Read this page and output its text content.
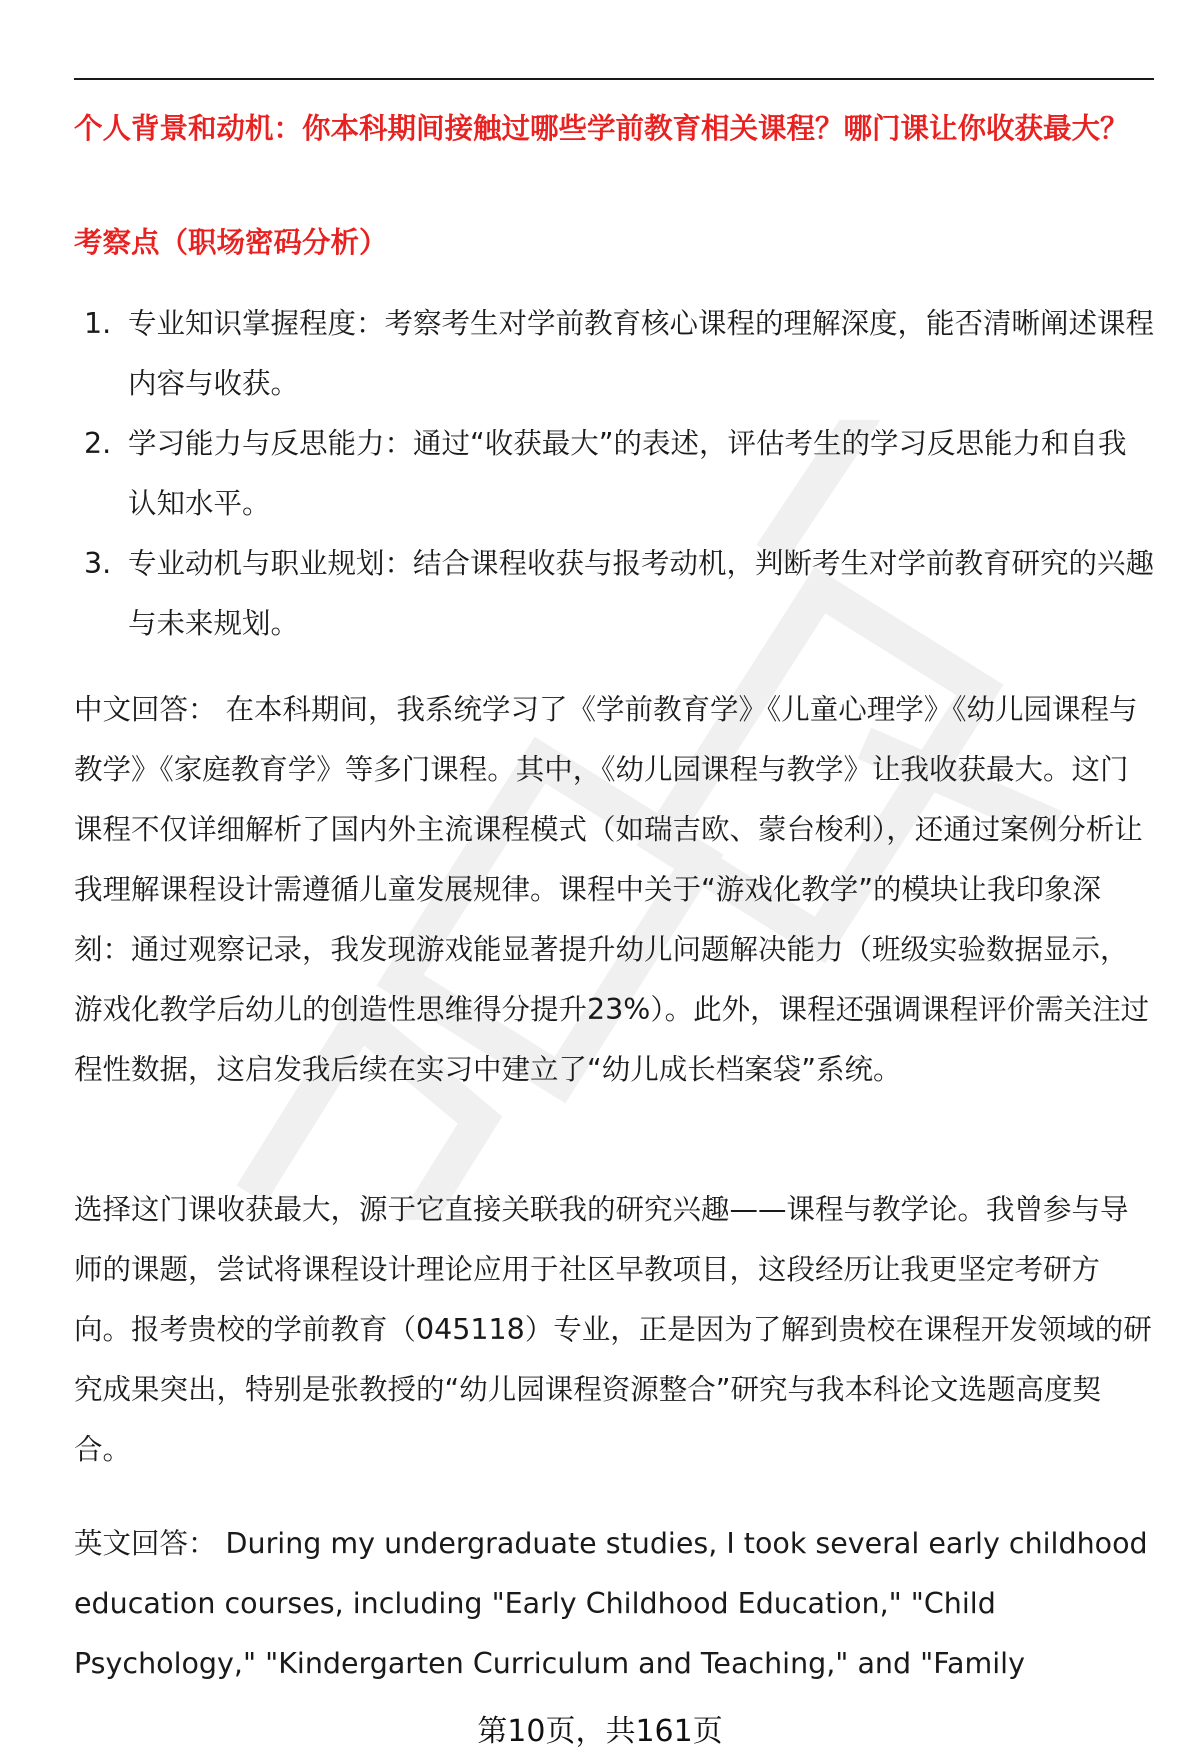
个人背景和动机：你本科期间接触过哪些学前教育相关课程？哪门课让你收获最大？
考察点（职场密码分析）
1. 专业知识掌握程度：考察考生对学前教育核心课程的理解深度，能否清晰阐述课程内容与收获。
2. 学习能力与反思能力：通过“收获最大”的表述，评估考生的学习反思能力和自我认知水平。
3. 专业动机与职业规划：结合课程收获与报考动机，判断考生对学前教育研究的兴趣与未来规划。

中文回答： 在本科期间，我系统学习了《学前教育学》《儿童心理学》《幼儿园课程与教学》《家庭教育学》等多门课程。其中，《幼儿园课程与教学》让我收获最大。这门课程不仅详细解析了国内外主流课程模式（如瑞吉欧、蒙台梭利），还通过案例分析让我理解课程设计需遵循儿童发展规律。课程中关于“游戏化教学”的模块让我印象深刻：通过观察记录，我发现游戏能显著提升幼儿问题解决能力（班级实验数据显示，游戏化教学后幼儿的创造性思维得分提升23%）。此外，课程还强调课程评价需关注过程性数据，这启发我后续在实习中建立了“幼儿成长档案袋”系统。

选择这门课收获最大，源于它直接关联我的研究兴趣——课程与教学论。我曾参与导师的课题，尝试将课程设计理论应用于社区早教项目，这段经历让我更坚定考研方向。报考贵校的学前教育（045118）专业，正是因为了解到贵校在课程开发领域的研究成果突出，特别是张教授的“幼儿园课程资源整合”研究与我本科论文选题高度契合。

英文回答： During my undergraduate studies, I took several early childhood education courses, including "Early Childhood Education," "Child Psychology," "Kindergarten Curriculum and Teaching," and "Family

第10页，共161页
